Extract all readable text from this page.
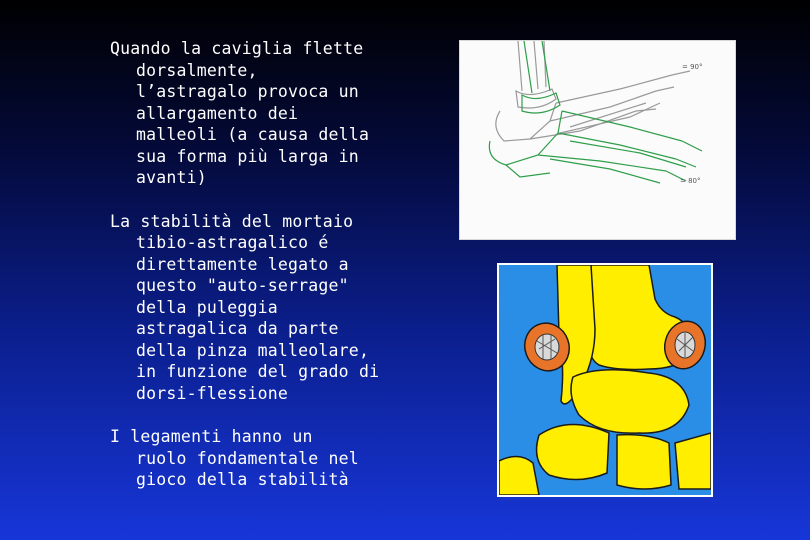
Quando la caviglia flette
dorsalmente,
l’astragalo provoca un
allargamento dei
malleoli (a causa della
sua forma più larga in
avanti)

La stabilità del mortaio
tibio-astragalico é
direttamente legato a
questo "auto-serrage"
della puleggia
astragalica da parte
della pinza malleolare,
in funzione del grado di
dorsi-flessione

I legamenti hanno un
ruolo fondamentale nel
gioco della stabilità

= 90°
= 80°
